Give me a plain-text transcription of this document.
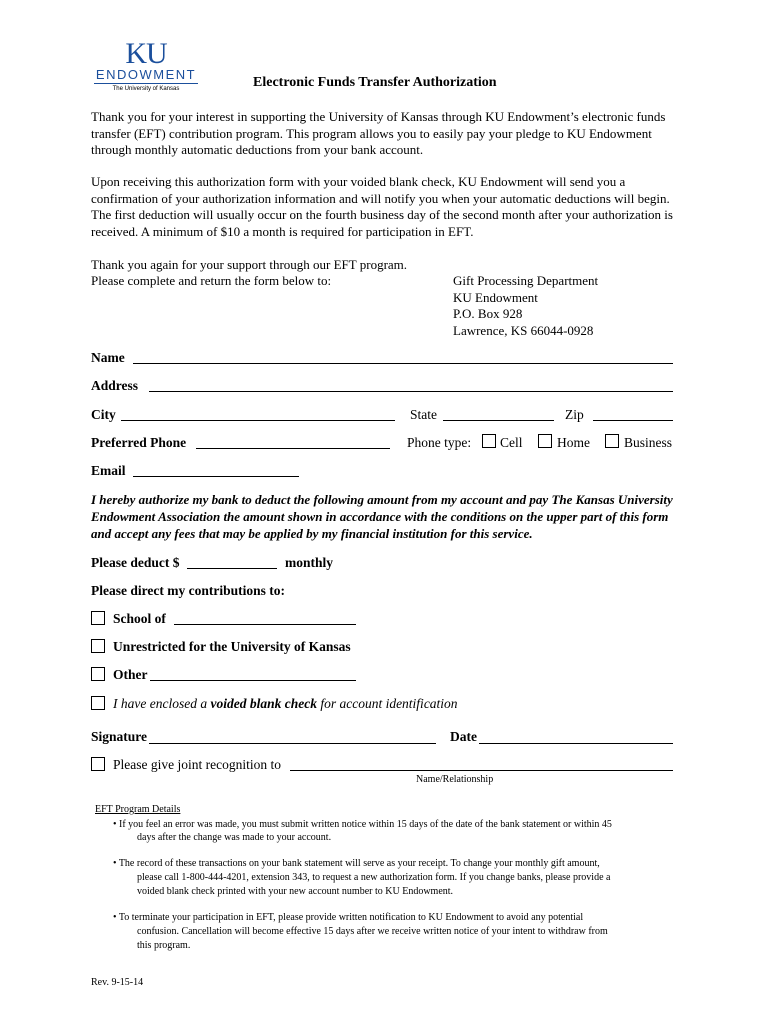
KU
ENDOWMENT
The University of Kansas	Electronic Funds Transfer Authorization

Thank you for your interest in supporting the University of Kansas through KU Endowment’s electronic funds transfer (EFT) contribution program. This program allows you to easily pay your pledge to KU Endowment through monthly automatic deductions from your bank account.

Upon receiving this authorization form with your voided blank check, KU Endowment will send you a confirmation of your authorization information and will notify you when your automatic deductions will begin. The first deduction will usually occur on the fourth business day of the second month after your authorization is received. A minimum of $10 a month is required for participation in EFT.

Thank you again for your support through our EFT program.
Please complete and return the form below to:	Gift Processing Department
KU Endowment
P.O. Box 928
Lawrence, KS 66044-0928
Name
Address
City	State	Zip
Preferred Phone	Phone type: Cell	Home	Business
Email
I hereby authorize my bank to deduct the following amount from my account and pay The Kansas University Endowment Association the amount shown in accordance with the conditions on the upper part of this form and accept any fees that may be applied by my financial institution for this service.
Please deduct $	monthly
Please direct my contributions to:
School of
Unrestricted for the University of Kansas
Other
I have enclosed a voided blank check for account identification
Signature	Date
Please give joint recognition to
Name/Relationship
EFT Program Details
• If you feel an error was made, you must submit written notice within 15 days of the date of the bank statement or within 45
days after the change was made to your account.
• The record of these transactions on your bank statement will serve as your receipt. To change your monthly gift amount,
please call 1-800-444-4201, extension 343, to request a new authorization form. If you change banks, please provide a
voided blank check printed with your new account number to KU Endowment.
• To terminate your participation in EFT, please provide written notification to KU Endowment to avoid any potential
confusion. Cancellation will become effective 15 days after we receive written notice of your intent to withdraw from
this program.
Rev. 9-15-14
